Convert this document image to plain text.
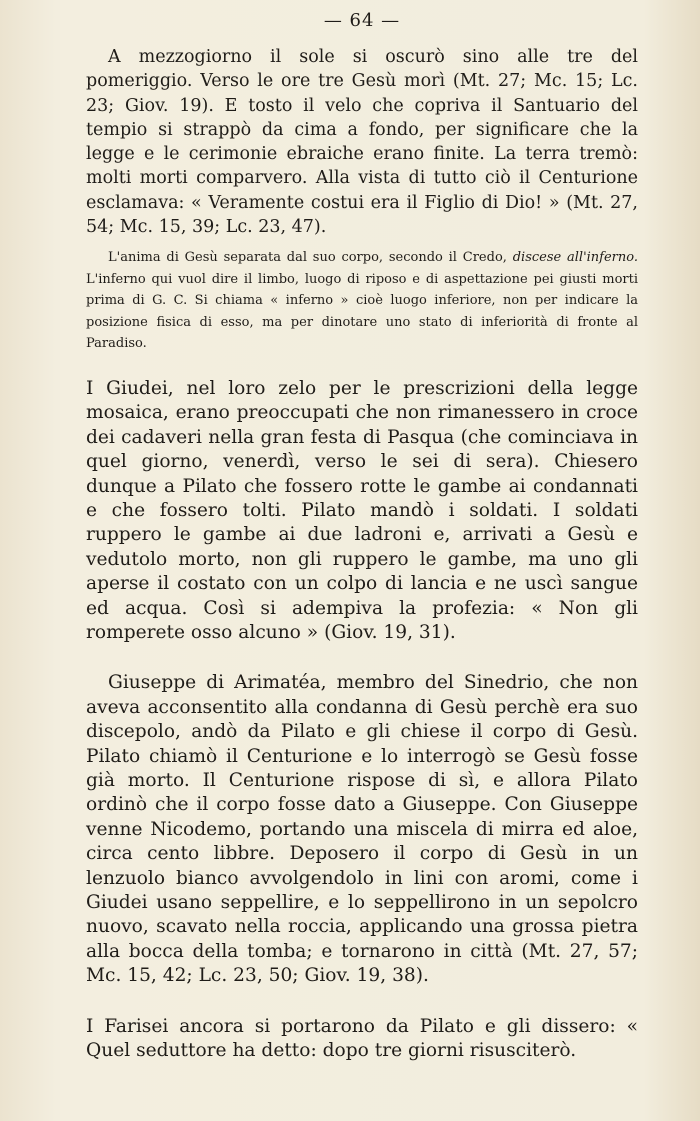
— 64 —

A mezzogiorno il sole si oscurò sino alle tre del pomeriggio. Verso le ore tre Gesù morì (Mt. 27; Mc. 15; Lc. 23; Giov. 19). E tosto il velo che copriva il Santuario del tempio si strappò da cima a fondo, per significare che la legge e le cerimonie ebraiche erano finite. La terra tremò: molti morti comparvero. Alla vista di tutto ciò il Centurione esclamava: « Veramente costui era il Figlio di Dio! » (Mt. 27, 54; Mc. 15, 39; Lc. 23, 47).

L'anima di Gesù separata dal suo corpo, secondo il Credo, discese all'inferno. L'inferno qui vuol dire il limbo, luogo di riposo e di aspettazione pei giusti morti prima di G. C. Si chiama « inferno » cioè luogo inferiore, non per indicare la posizione fisica di esso, ma per dinotare uno stato di inferiorità di fronte al Paradiso.

I Giudei, nel loro zelo per le prescrizioni della legge mosaica, erano preoccupati che non rimanessero in croce dei cadaveri nella gran festa di Pasqua (che cominciava in quel giorno, venerdì, verso le sei di sera). Chiesero dunque a Pilato che fossero rotte le gambe ai condannati e che fossero tolti. Pilato mandò i soldati. I soldati ruppero le gambe ai due ladroni e, arrivati a Gesù e vedutolo morto, non gli ruppero le gambe, ma uno gli aperse il costato con un colpo di lancia e ne uscì sangue ed acqua. Così si adempiva la profezia: « Non gli romperete osso alcuno » (Giov. 19, 31).

Giuseppe di Arimatéa, membro del Sinedrio, che non aveva acconsentito alla condanna di Gesù perchè era suo discepolo, andò da Pilato e gli chiese il corpo di Gesù. Pilato chiamò il Centurione e lo interrogò se Gesù fosse già morto. Il Centurione rispose di sì, e allora Pilato ordinò che il corpo fosse dato a Giuseppe. Con Giuseppe venne Nicodemo, portando una miscela di mirra ed aloe, circa cento libbre. Deposero il corpo di Gesù in un lenzuolo bianco avvolgendolo in lini con aromi, come i Giudei usano seppellire, e lo seppellirono in un sepolcro nuovo, scavato nella roccia, applicando una grossa pietra alla bocca della tomba; e tornarono in città (Mt. 27, 57; Mc. 15, 42; Lc. 23, 50; Giov. 19, 38).

I Farisei ancora si portarono da Pilato e gli dissero: « Quel seduttore ha detto: dopo tre giorni risusciterò.
